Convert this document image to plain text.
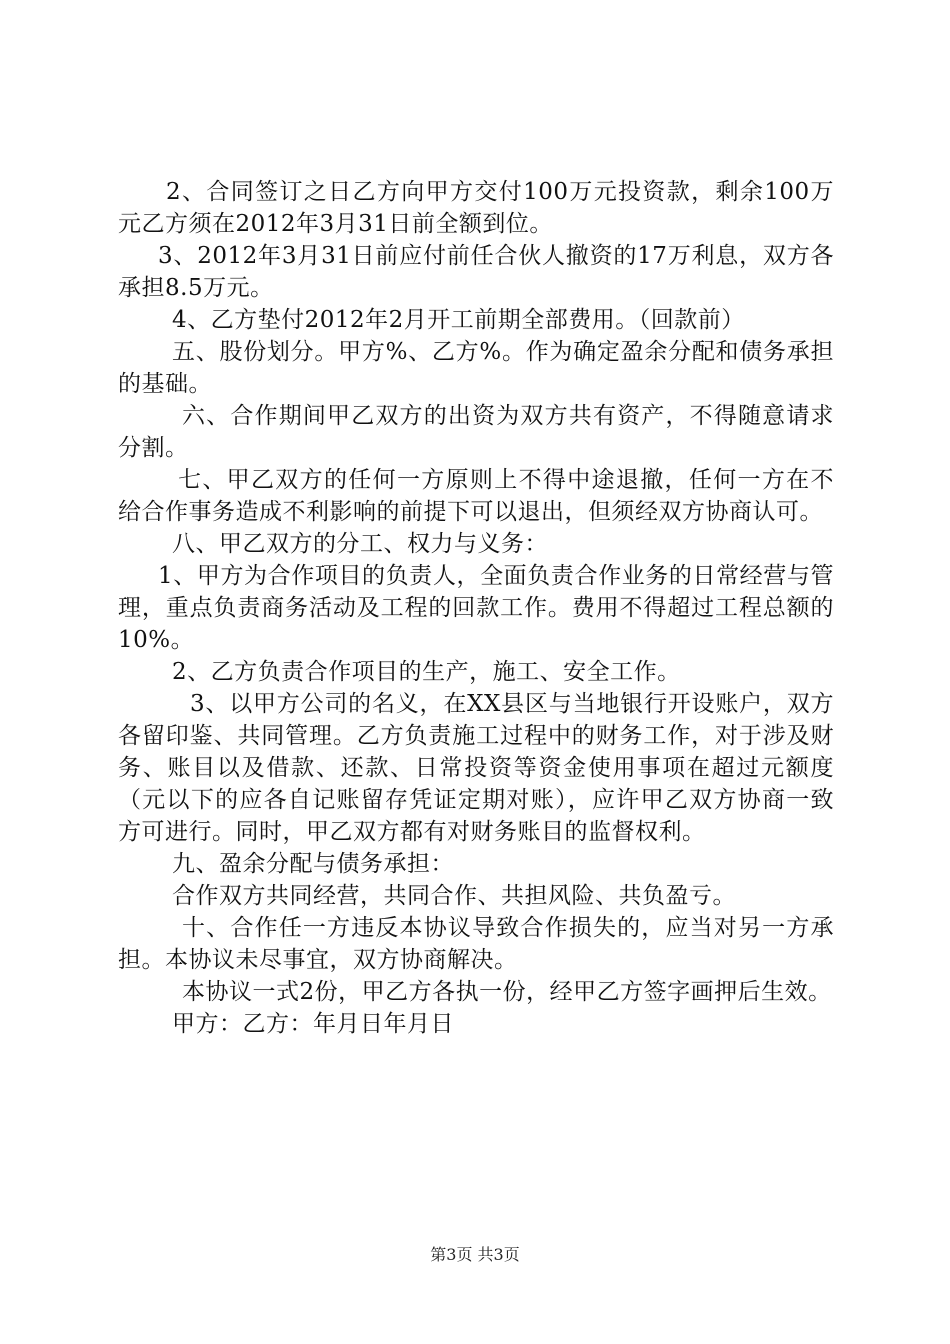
2、合同签订之日乙方向甲方交付100万元投资款，剩余100万元乙方须在2012年3月31日前全额到位。

3、2012年3月31日前应付前任合伙人撤资的17万利息，双方各承担8.5万元。

4、乙方垫付2012年2月开工前期全部费用。（回款前）

五、股份划分。甲方%、乙方%。作为确定盈余分配和债务承担的基础。

六、合作期间甲乙双方的出资为双方共有资产，不得随意请求分割。

七、甲乙双方的任何一方原则上不得中途退撤，任何一方在不给合作事务造成不利影响的前提下可以退出，但须经双方协商认可。

八、甲乙双方的分工、权力与义务：

1、甲方为合作项目的负责人，全面负责合作业务的日常经营与管理，重点负责商务活动及工程的回款工作。费用不得超过工程总额的10%。

2、乙方负责合作项目的生产，施工、安全工作。

3、以甲方公司的名义，在XX县区与当地银行开设账户，双方各留印鉴、共同管理。乙方负责施工过程中的财务工作，对于涉及财务、账目以及借款、还款、日常投资等资金使用事项在超过元额度（元以下的应各自记账留存凭证定期对账），应许甲乙双方协商一致方可进行。同时，甲乙双方都有对财务账目的监督权利。

九、盈余分配与债务承担：

合作双方共同经营，共同合作、共担风险、共负盈亏。

十、合作任一方违反本协议导致合作损失的，应当对另一方承担。本协议未尽事宜，双方协商解决。

本协议一式2份，甲乙方各执一份，经甲乙方签字画押后生效。

甲方：乙方：年月日年月日

第3页 共3页
